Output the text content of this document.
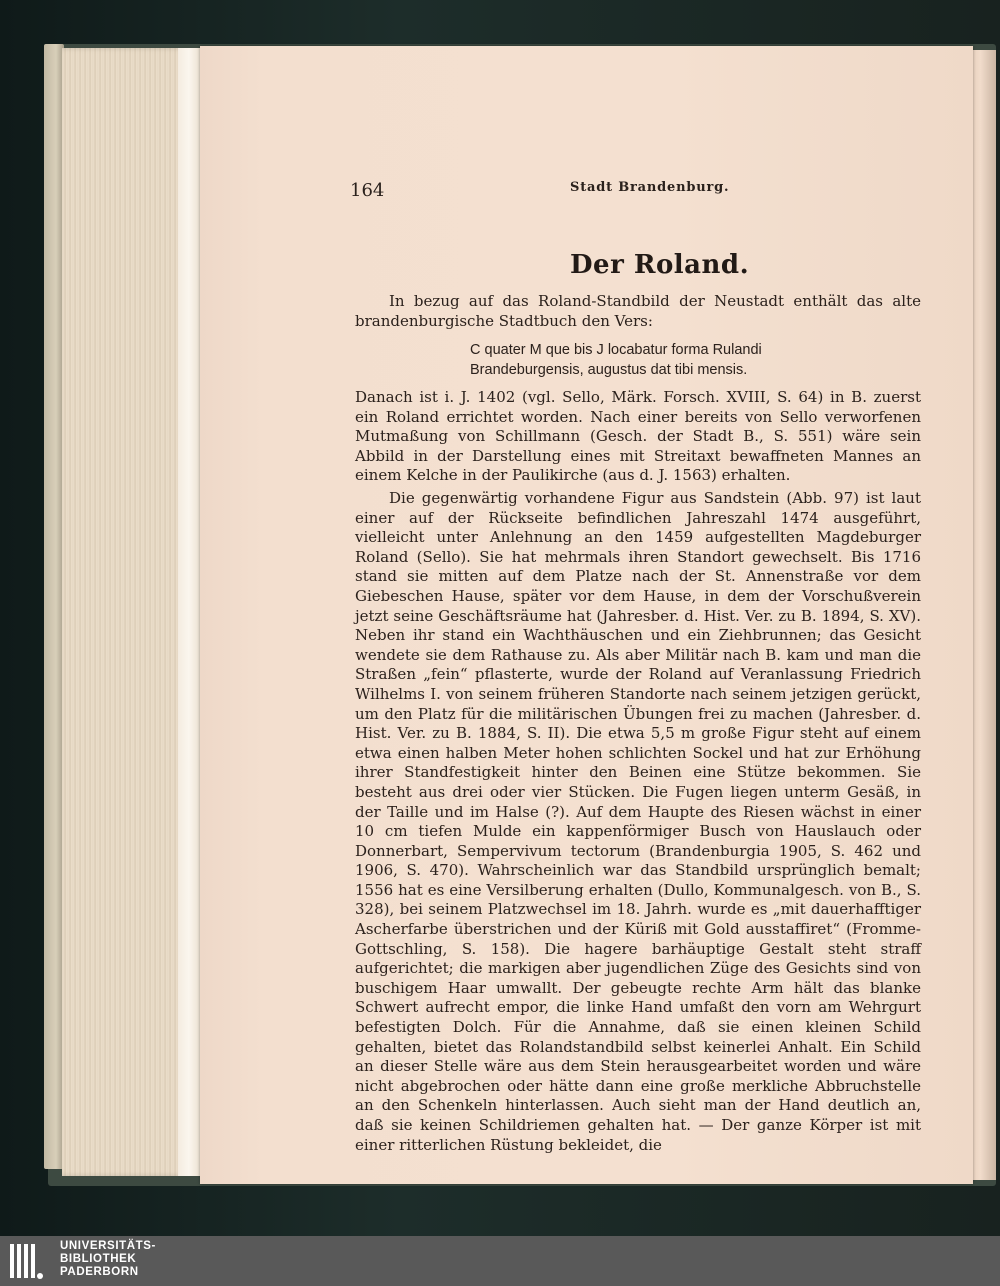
164	Stadt Brandenburg.
Der Roland.

In bezug auf das Roland-Standbild der Neustadt enthält das alte brandenburgische Stadtbuch den Vers:

C quater M que bis J locabatur forma Rulandi

Brandeburgensis, augustus dat tibi mensis.

Danach ist i. J. 1402 (vgl. Sello, Märk. Forsch. XVIII, S. 64) in B. zuerst ein Roland errichtet worden. Nach einer bereits von Sello verworfenen Mutmaßung von Schillmann (Gesch. der Stadt B., S. 551) wäre sein Abbild in der Darstellung eines mit Streitaxt bewaffneten Mannes an einem Kelche in der Paulikirche (aus d. J. 1563) erhalten.

Die gegenwärtig vorhandene Figur aus Sandstein (Abb. 97) ist laut einer auf der Rückseite befindlichen Jahreszahl 1474 ausgeführt, vielleicht unter Anlehnung an den 1459 aufgestellten Magdeburger Roland (Sello). Sie hat mehrmals ihren Standort gewechselt. Bis 1716 stand sie mitten auf dem Platze nach der St. Annenstraße vor dem Giebeschen Hause, später vor dem Hause, in dem der Vorschußverein jetzt seine Geschäftsräume hat (Jahresber. d. Hist. Ver. zu B. 1894, S. XV). Neben ihr stand ein Wachthäuschen und ein Ziehbrunnen; das Gesicht wendete sie dem Rathause zu. Als aber Militär nach B. kam und man die Straßen „fein“ pflasterte, wurde der Roland auf Veranlassung Friedrich Wilhelms I. von seinem früheren Standorte nach seinem jetzigen gerückt, um den Platz für die militärischen Übungen frei zu machen (Jahresber. d. Hist. Ver. zu B. 1884, S. II). Die etwa 5,5 m große Figur steht auf einem etwa einen halben Meter hohen schlichten Sockel und hat zur Erhöhung ihrer Standfestigkeit hinter den Beinen eine Stütze bekommen. Sie besteht aus drei oder vier Stücken. Die Fugen liegen unterm Gesäß, in der Taille und im Halse (?). Auf dem Haupte des Riesen wächst in einer 10 cm tiefen Mulde ein kappenförmiger Busch von Hauslauch oder Donnerbart, Sempervivum tectorum (Brandenburgia 1905, S. 462 und 1906, S. 470). Wahrscheinlich war das Standbild ursprünglich bemalt; 1556 hat es eine Versilberung erhalten (Dullo, Kommunalgesch. von B., S. 328), bei seinem Platzwechsel im 18. Jahrh. wurde es „mit dauerhafftiger Ascherfarbe überstrichen und der Küriß mit Gold ausstaffiret“ (Fromme-Gottschling, S. 158). Die hagere barhäuptige Gestalt steht straff aufgerichtet; die markigen aber jugendlichen Züge des Gesichts sind von buschigem Haar umwallt. Der gebeugte rechte Arm hält das blanke Schwert aufrecht empor, die linke Hand umfaßt den vorn am Wehrgurt befestigten Dolch. Für die Annahme, daß sie einen kleinen Schild gehalten, bietet das Rolandstandbild selbst keinerlei Anhalt. Ein Schild an dieser Stelle wäre aus dem Stein herausgearbeitet worden und wäre nicht abgebrochen oder hätte dann eine große merkliche Abbruchstelle an den Schenkeln hinterlassen. Auch sieht man der Hand deutlich an, daß sie keinen Schildriemen gehalten hat. — Der ganze Körper ist mit einer ritterlichen Rüstung bekleidet, die

UNIVERSITÄTS-
BIBLIOTHEK
PADERBORN
